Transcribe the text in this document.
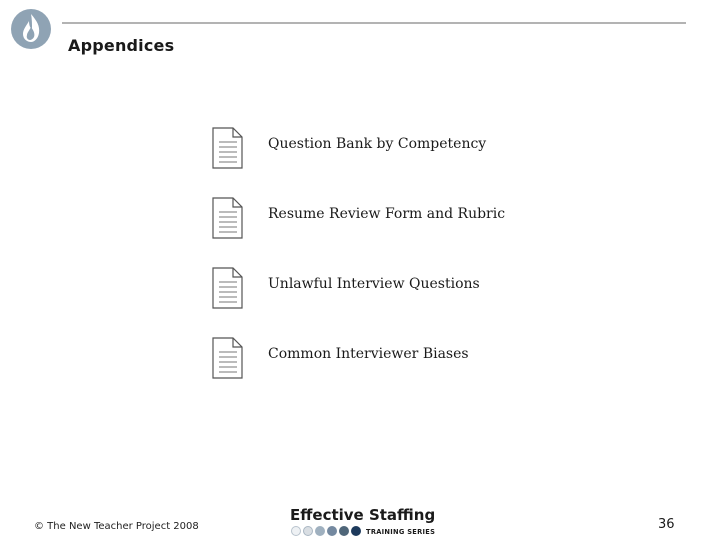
Appendices
Question Bank by Competency
Resume Review Form and Rubric
Unlawful Interview Questions
Common Interviewer Biases
© The New Teacher Project 2008
Effective Staffing
TRAINING SERIES	36
